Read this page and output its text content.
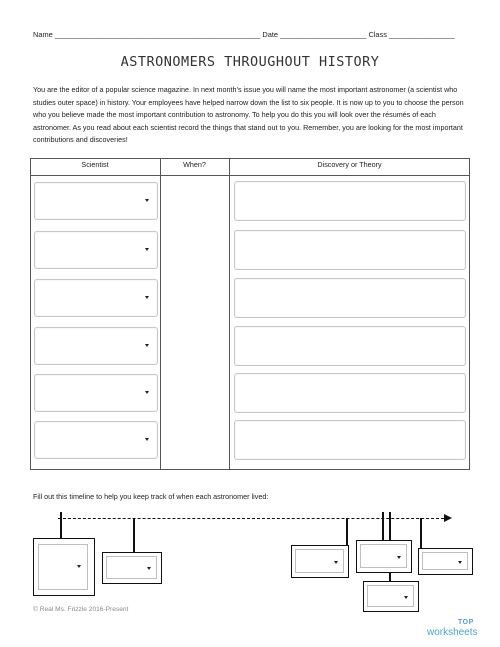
Name __________________________________________________ Date _____________________ Class ________________
ASTRONOMERS THROUGHOUT HISTORY
You are the editor of a popular science magazine. In next month’s issue you will name the most important astronomer (a scientist who studies outer space) in history. Your employees have helped narrow down the list to six people. It is now up to you to choose the person who you believe made the most important contribution to astronomy. To help you do this you will look over the résumés of each astronomer. As you read about each scientist record the things that stand out to you. Remember, you are looking for the most important contributions and discoveries!
Scientist	When?	Discovery or Theory
Fill out this timeline to help you keep track of when each astronomer lived:
© Real Ms. Frizzle 2016-Present
TOP
worksheets
